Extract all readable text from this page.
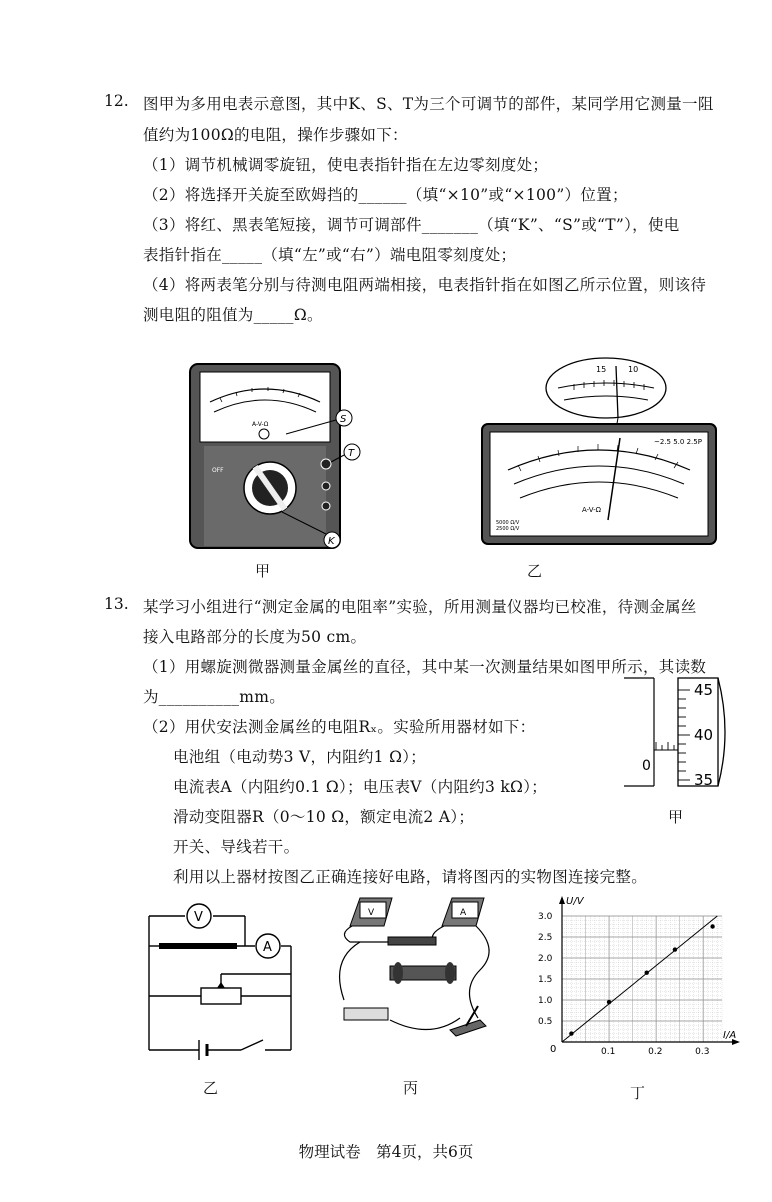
12. 图甲为多用电表示意图，其中K、S、T为三个可调节的部件，某同学用它测量一阻
值约为100Ω的电阻，操作步骤如下：
（1）调节机械调零旋钮，使电表指针指在左边零刻度处；
（2）将选择开关旋至欧姆挡的______（填“×10”或“×100”）位置；
（3）将红、黑表笔短接，调节可调部件_______（填“K”、“S”或“T”），使电
表指针指在_____（填“左”或“右”）端电阻零刻度处；
（4）将两表笔分别与待测电阻两端相接，电表指针指在如图乙所示位置，则该待
测电阻的阻值为_____Ω。
A-V-Ω
OFF
S
T
K
甲
15	10
~2.5 5.0 2.5P
A-V-Ω
5000 Ω/V
2500 Ω/V
乙
13. 某学习小组进行“测定金属的电阻率”实验，所用测量仪器均已校准，待测金属丝
接入电路部分的长度为50 cm。
（1）用螺旋测微器测量金属丝的直径，其中某一次测量结果如图甲所示，其读数
为__________mm。
（2）用伏安法测金属丝的电阻Rₓ。实验所用器材如下：
电池组（电动势3 V，内阻约1 Ω）；
电流表A（内阻约0.1 Ω）；电压表V（内阻约3 kΩ）；
滑动变阻器R（0～10 Ω，额定电流2 A）；
开关、导线若干。
利用以上器材按图乙正确连接好电路，请将图丙的实物图连接完整。
0
45
40
35
甲
V
A
乙
V	A
丙
0.5
1.0
1.5
2.0
2.5
3.0
0.1	0.2	0.3
U/V
I/A
0
丁
物理试卷　第4页，共6页
